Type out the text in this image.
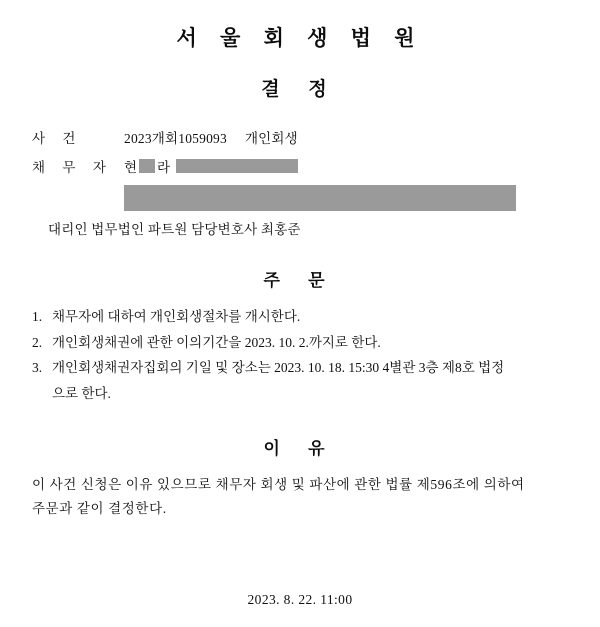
서 울 회 생 법 원
결 정
사 건	2023개회1059093 개인회생
채 무 자 현 라
대리인 법무법인 파트원 담당변호사 최홍준
주 문
1. 채무자에 대하여 개인회생절차를 개시한다.
2. 개인회생채권에 관한 이의기간을 2023. 10. 2.까지로 한다.
3. 개인회생채권자집회의 기일 및 장소는 2023. 10. 18. 15:30 4별관 3층 제8호 법정
으로 한다.
이 유
이 사건 신청은 이유 있으므로 채무자 회생 및 파산에 관한 법률 제596조에 의하여
주문과 같이 결정한다.
2023. 8. 22. 11:00
